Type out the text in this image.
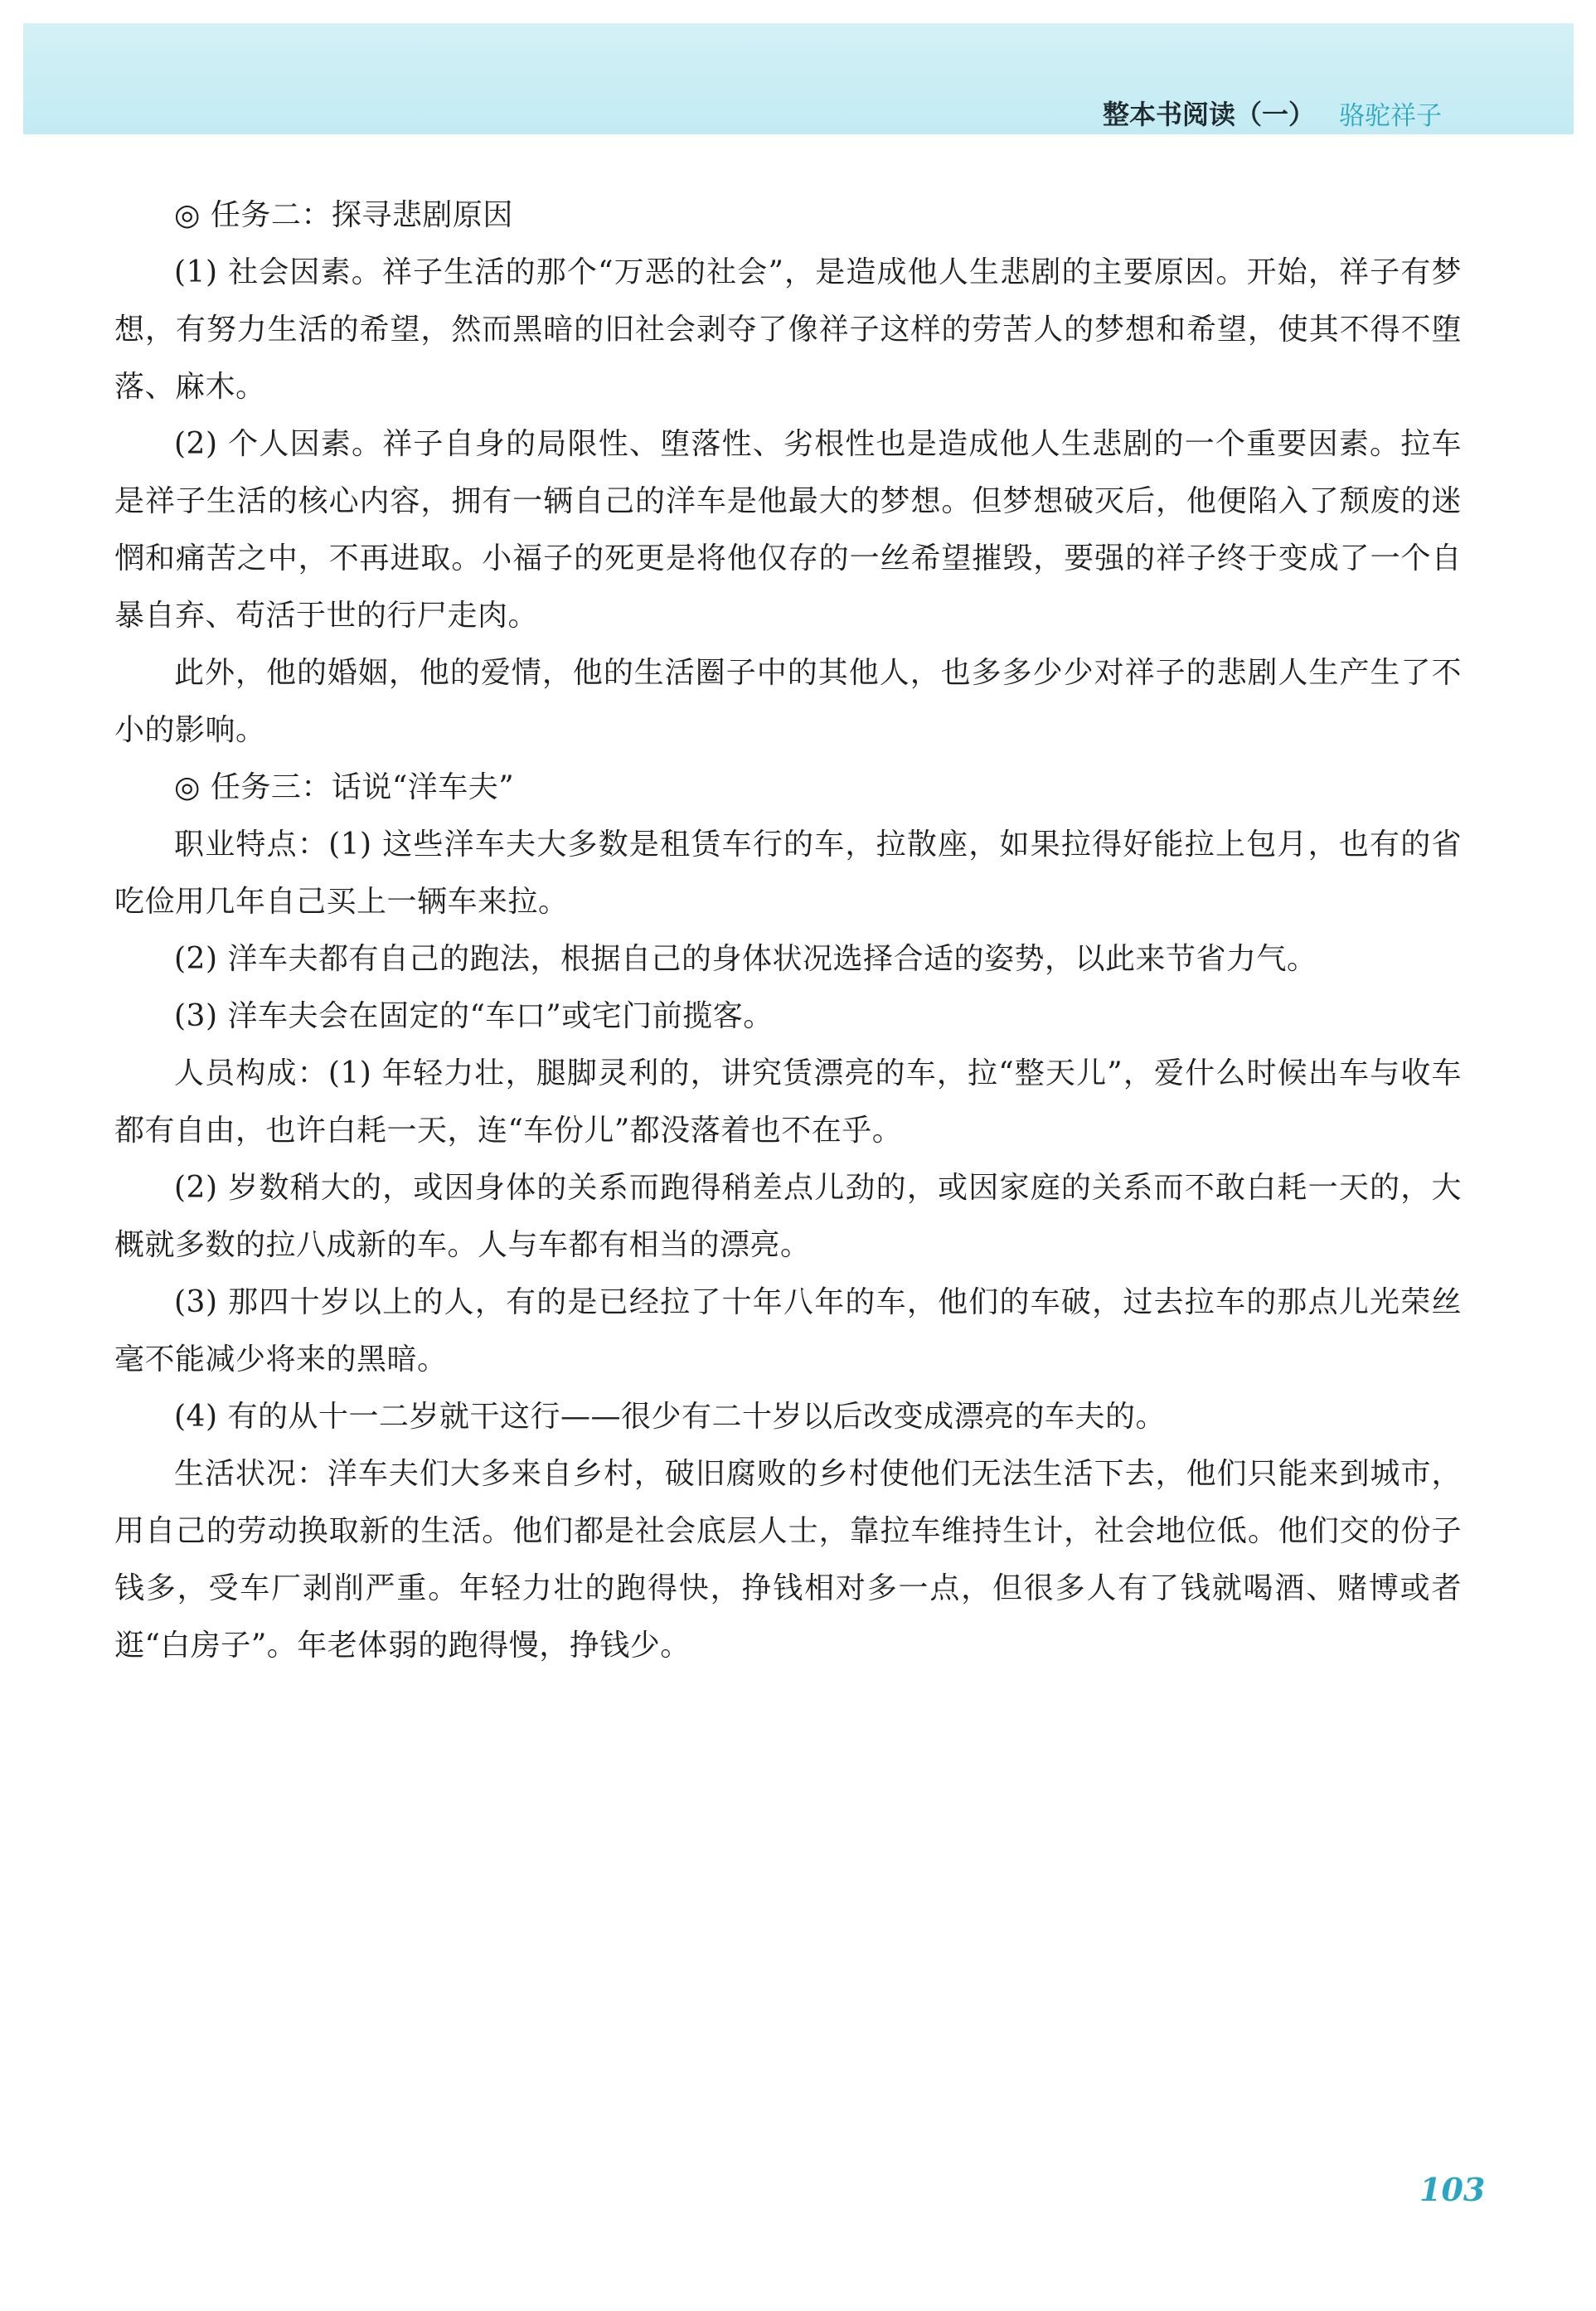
整本书阅读（一） 骆驼祥子

◎ 任务二：探寻悲剧原因

(1) 社会因素。祥子生活的那个“万恶的社会”，是造成他人生悲剧的主要原因。开始，祥子有梦想，有努力生活的希望，然而黑暗的旧社会剥夺了像祥子这样的劳苦人的梦想和希望，使其不得不堕落、麻木。

(2) 个人因素。祥子自身的局限性、堕落性、劣根性也是造成他人生悲剧的一个重要因素。拉车是祥子生活的核心内容，拥有一辆自己的洋车是他最大的梦想。但梦想破灭后，他便陷入了颓废的迷惘和痛苦之中，不再进取。小福子的死更是将他仅存的一丝希望摧毁，要强的祥子终于变成了一个自暴自弃、苟活于世的行尸走肉。

此外，他的婚姻，他的爱情，他的生活圈子中的其他人，也多多少少对祥子的悲剧人生产生了不小的影响。

◎ 任务三：话说“洋车夫”

职业特点：(1) 这些洋车夫大多数是租赁车行的车，拉散座，如果拉得好能拉上包月，也有的省吃俭用几年自己买上一辆车来拉。

(2) 洋车夫都有自己的跑法，根据自己的身体状况选择合适的姿势，以此来节省力气。

(3) 洋车夫会在固定的“车口”或宅门前揽客。

人员构成：(1) 年轻力壮，腿脚灵利的，讲究赁漂亮的车，拉“整天儿”，爱什么时候出车与收车都有自由，也许白耗一天，连“车份儿”都没落着也不在乎。

(2) 岁数稍大的，或因身体的关系而跑得稍差点儿劲的，或因家庭的关系而不敢白耗一天的，大概就多数的拉八成新的车。人与车都有相当的漂亮。

(3) 那四十岁以上的人，有的是已经拉了十年八年的车，他们的车破，过去拉车的那点儿光荣丝毫不能减少将来的黑暗。

(4) 有的从十一二岁就干这行——很少有二十岁以后改变成漂亮的车夫的。

生活状况：洋车夫们大多来自乡村，破旧腐败的乡村使他们无法生活下去，他们只能来到城市，用自己的劳动换取新的生活。他们都是社会底层人士，靠拉车维持生计，社会地位低。他们交的份子钱多，受车厂剥削严重。年轻力壮的跑得快，挣钱相对多一点，但很多人有了钱就喝酒、赌博或者逛“白房子”。年老体弱的跑得慢，挣钱少。

103
